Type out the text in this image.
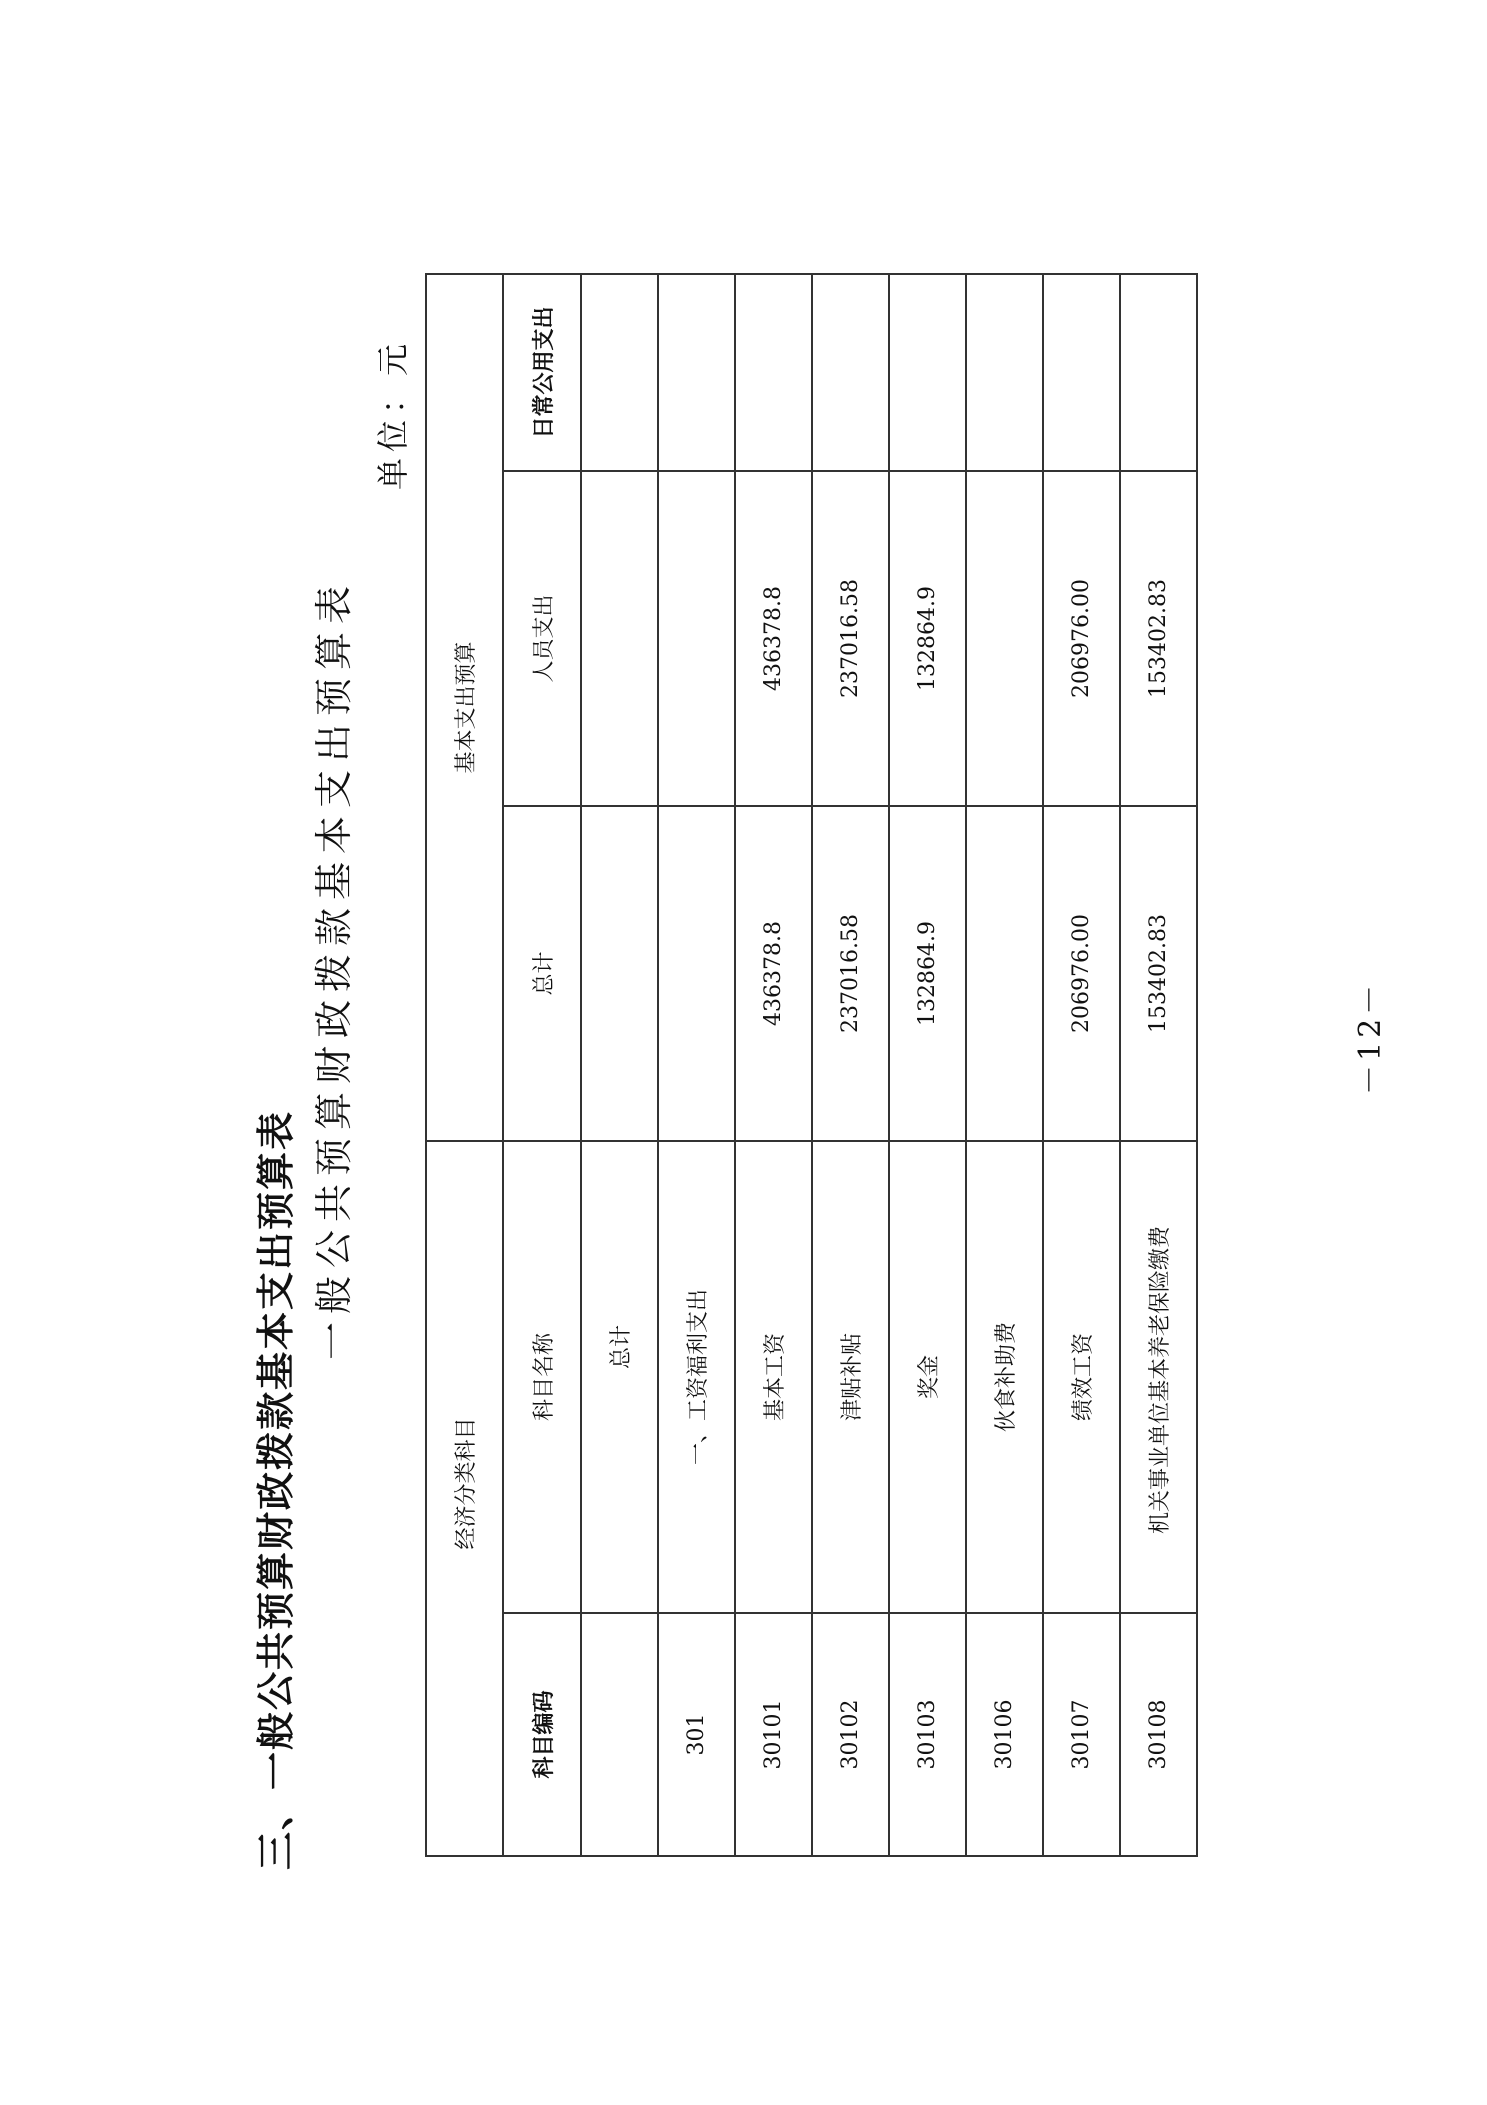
三、一般公共预算财政拨款基本支出预算表
一般公共预算财政拨款基本支出预算表
单位：元
经济分类科目		基本支出预算		
科目编码	科目名称	总计	人员支出	日常公用支出
	总计			
301	一、工资福利支出			
30101	基本工资	436378.8	436378.8	
30102	津贴补贴	237016.58	237016.58	
30103	奖金	132864.9	132864.9	
30106	伙食补助费			
30107	绩效工资	206976.00	206976.00	
30108	机关事业单位基本养老保险缴费	153402.83	153402.83	
－12－
